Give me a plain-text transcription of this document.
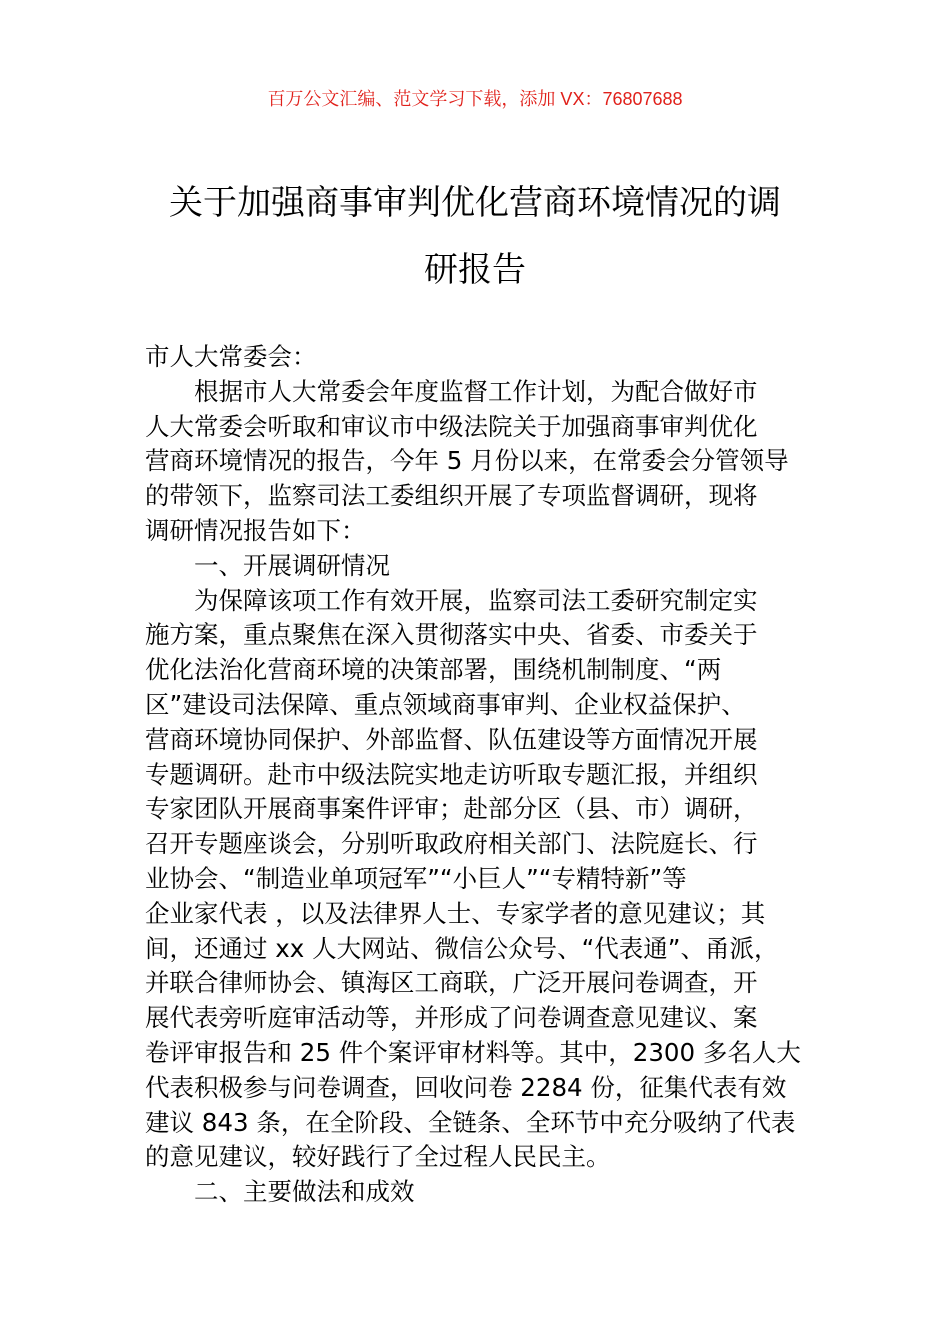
百万公文汇编、范文学习下载，添加 VX：76807688
关于加强商事审判优化营商环境情况的调
研报告
市人大常委会：
根据市人大常委会年度监督工作计划，为配合做好市
人大常委会听取和审议市中级法院关于加强商事审判优化
营商环境情况的报告，今年 5 月份以来，在常委会分管领导
的带领下，监察司法工委组织开展了专项监督调研，现将
调研情况报告如下：
一、开展调研情况
为保障该项工作有效开展，监察司法工委研究制定实
施方案，重点聚焦在深入贯彻落实中央、省委、市委关于
优化法治化营商环境的决策部署，围绕机制制度、“两
区”建设司法保障、重点领域商事审判、企业权益保护、
营商环境协同保护、外部监督、队伍建设等方面情况开展
专题调研。赴市中级法院实地走访听取专题汇报，并组织
专家团队开展商事案件评审；赴部分区（县、市）调研，
召开专题座谈会，分别听取政府相关部门、法院庭长、行
业协会、“制造业单项冠军”“小巨人”“专精特新”等
企业家代表 ，以及法律界人士、专家学者的意见建议；其
间，还通过 xx 人大网站、微信公众号、“代表通”、甬派，
并联合律师协会、镇海区工商联，广泛开展问卷调查，开
展代表旁听庭审活动等，并形成了问卷调查意见建议、案
卷评审报告和 25 件个案评审材料等。其中，2300 多名人大
代表积极参与问卷调查，回收问卷 2284 份，征集代表有效
建议 843 条，在全阶段、全链条、全环节中充分吸纳了代表
的意见建议，较好践行了全过程人民民主。
二、主要做法和成效
